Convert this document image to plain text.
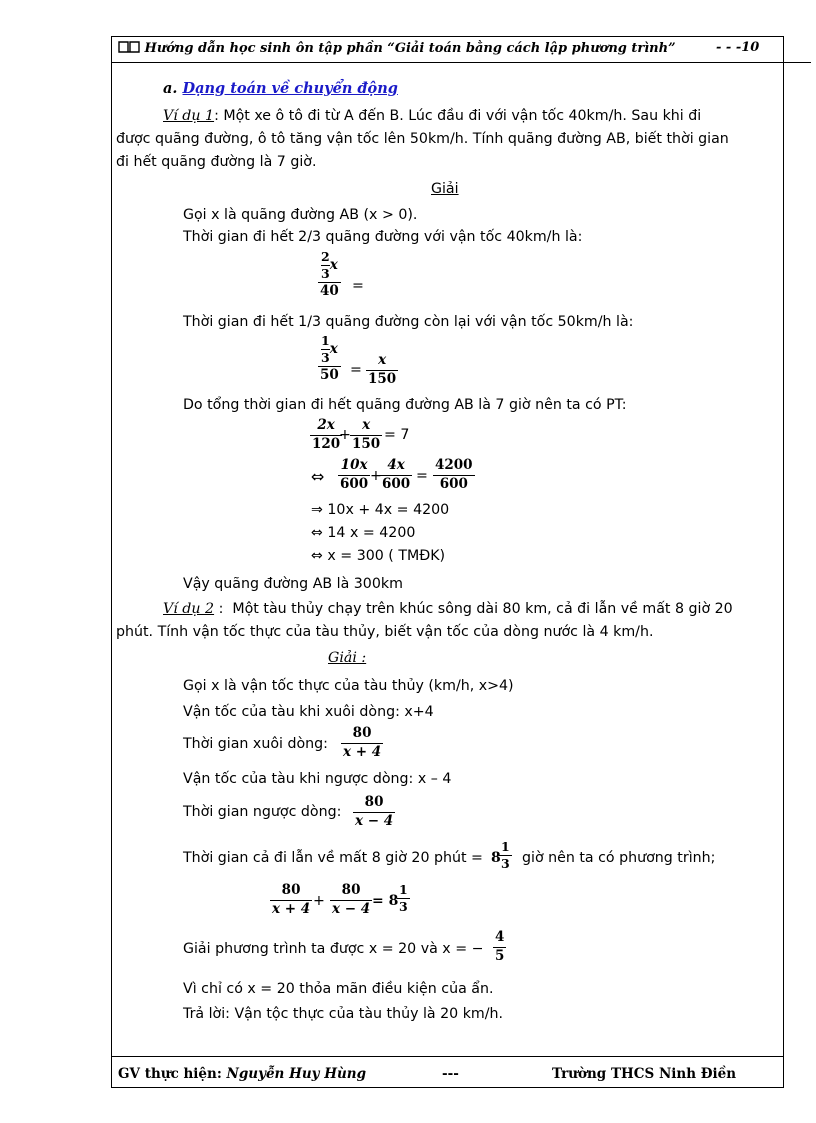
Hướng dẫn học sinh ôn tập phần “Giải toán bằng cách lập phương trình”	- - -10
a. Dạng toán về chuyển động
Ví dụ 1: Một xe ô tô đi từ A đến B. Lúc đầu đi với vận tốc 40km/h. Sau khi đi
được quãng đường, ô tô tăng vận tốc lên 50km/h. Tính quãng đường AB, biết thời gian
đi hết quãng đường là 7 giờ.
Giải
Gọi x là quãng đường AB (x > 0).
Thời gian đi hết 2/3 quãng đường với vận tốc 40km/h là:
$\frac{2}{3}$ x
40 =
Thời gian đi hết 1/3 quãng đường còn lại với vận tốc 50km/h là:
$\frac{1}{3}$ x
50 =
x
150
Do tổng thời gian đi hết quãng đường AB là 7 giờ nên ta có PT:
2x
120
+
x
150
= 7
⇔
10x
600 +
4x
600 =
4200
600
⇒ 10x + 4x = 4200
⇔ 14 x = 4200
⇔ x = 300 ( TMĐK)
Vậy quãng đường AB là 300km
Ví dụ 2 : Một tàu thủy chạy trên khúc sông dài 80 km, cả đi lẫn về mất 8 giờ 20
phút. Tính vận tốc thực của tàu thủy, biết vận tốc của dòng nước là 4 km/h.
Giải :
Gọi x là vận tốc thực của tàu thủy (km/h, x>4)
Vận tốc của tàu khi xuôi dòng: x+4
Thời gian xuôi dòng:
80
x + 4
Vận tốc của tàu khi ngược dòng: x – 4
Thời gian ngược dòng:
80
x − 4
Thời gian cả đi lẫn về mất 8 giờ 20 phút = 8
1
3 giờ nên ta có phương trình;
80
x + 4 +
80
x − 4 = 8
1
3
Giải phương trình ta được x = 20 và x = −
4
5
Vì chỉ có x = 20 thỏa mãn điều kiện của ẩn.
Trả lời: Vận tộc thực của tàu thủy là 20 km/h.
GV thực hiện: Nguyễn Huy Hùng	---	Trường THCS Ninh Điền
